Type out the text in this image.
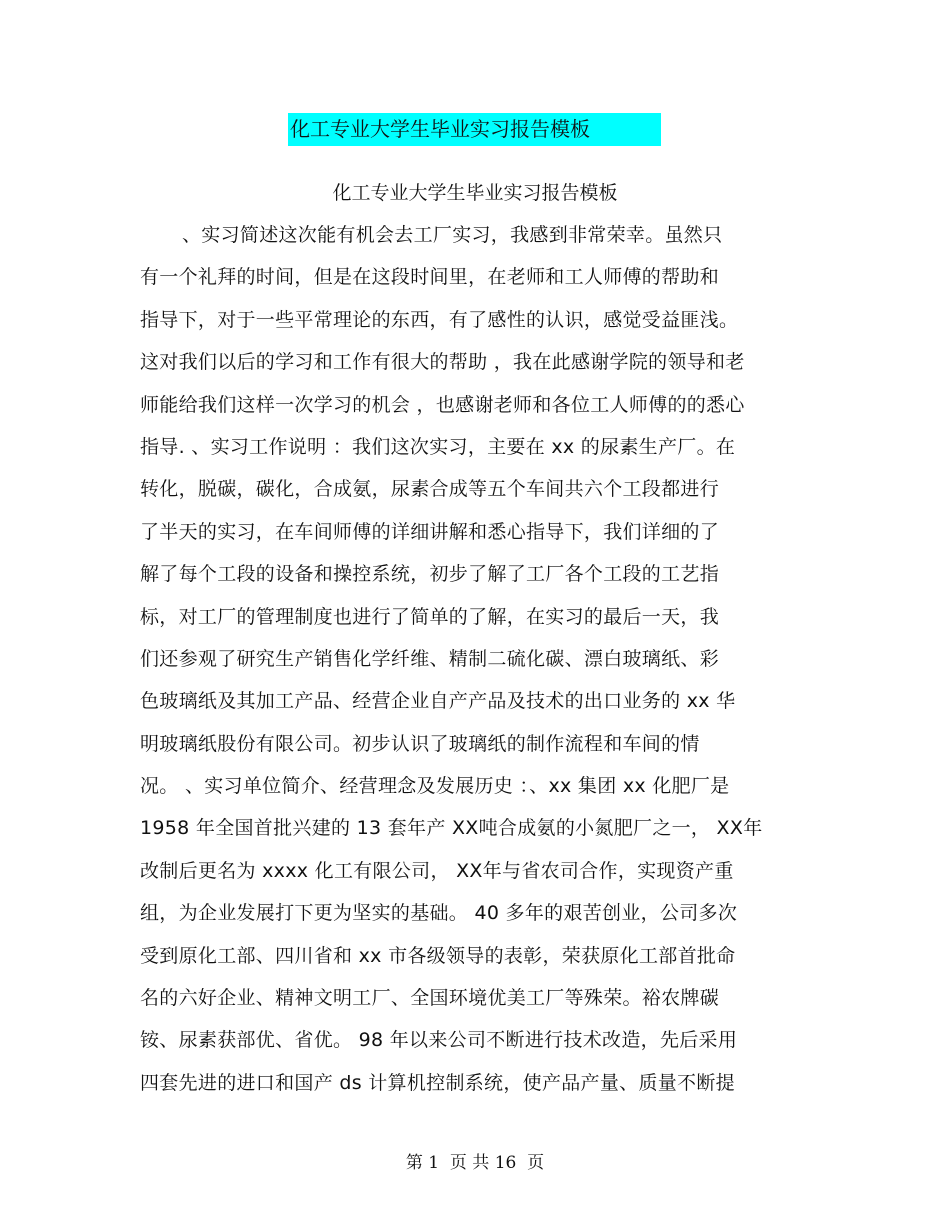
化工专业大学生毕业实习报告模板
化工专业大学生毕业实习报告模板
、实习简述这次能有机会去工厂实习，我感到非常荣幸。虽然只
有一个礼拜的时间，但是在这段时间里，在老师和工人师傅的帮助和
指导下，对于一些平常理论的东西，有了感性的认识，感觉受益匪浅。
这对我们以后的学习和工作有很大的帮助 ，我在此感谢学院的领导和老
师能给我们这样一次学习的机会 ，也感谢老师和各位工人师傅的的悉心
指导. 、实习工作说明 ：我们这次实习，主要在 xx 的尿素生产厂。在
转化，脱碳，碳化，合成氨，尿素合成等五个车间共六个工段都进行
了半天的实习，在车间师傅的详细讲解和悉心指导下，我们详细的了
解了每个工段的设备和操控系统，初步了解了工厂各个工段的工艺指
标，对工厂的管理制度也进行了简单的了解，在实习的最后一天，我
们还参观了研究生产销售化学纤维、精制二硫化碳、漂白玻璃纸、彩
色玻璃纸及其加工产品、经营企业自产产品及技术的出口业务的 xx 华
明玻璃纸股份有限公司。初步认识了玻璃纸的制作流程和车间的情
况。 、实习单位简介、经营理念及发展历史 ：、xx 集团 xx 化肥厂是
1958 年全国首批兴建的 13 套年产 XX吨合成氨的小氮肥厂之一， XX年
改制后更名为 xxxx 化工有限公司， XX年与省农司合作，实现资产重
组，为企业发展打下更为坚实的基础。 40 多年的艰苦创业，公司多次
受到原化工部、四川省和 xx 市各级领导的表彰，荣获原化工部首批命
名的六好企业、精神文明工厂、全国环境优美工厂等殊荣。裕农牌碳
铵、尿素获部优、省优。 98 年以来公司不断进行技术改造，先后采用
四套先进的进口和国产 ds 计算机控制系统，使产品产量、质量不断提
第 1  页 共 16  页
